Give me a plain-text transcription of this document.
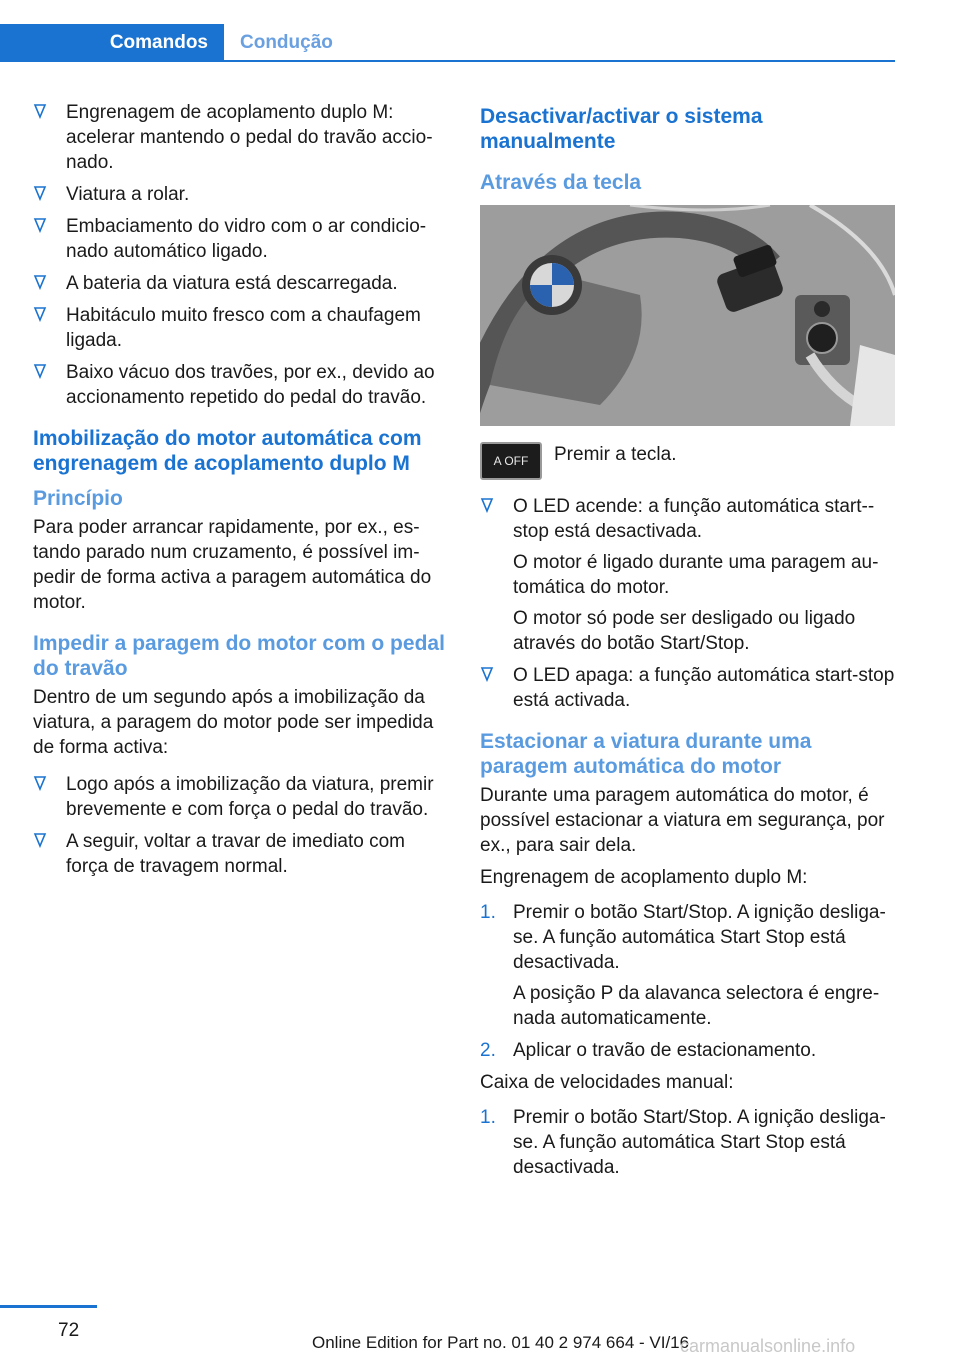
Comandos	Condução
Engrenagem de acoplamento duplo M: acelerar mantendo o pedal do travão accionado.
Viatura a rolar.
Embaciamento do vidro com o ar condicionado automático ligado.
A bateria da viatura está descarregada.
Habitáculo muito fresco com a chaufagem ligada.
Baixo vácuo dos travões, por ex., devido ao accionamento repetido do pedal do travão.
Imobilização do motor automática com engrenagem de acoplamento duplo M
Princípio

Para poder arrancar rapidamente, por ex., estando parado num cruzamento, é possível impedir de forma activa a paragem automática do motor.

Impedir a paragem do motor com o pedal do travão

Dentro de um segundo após a imobilização da viatura, a paragem do motor pode ser impedida de forma activa:

Logo após a imobilização da viatura, premir brevemente e com força o pedal do travão.
A seguir, voltar a travar de imediato com força de travagem normal.
Desactivar/activar o sistema manualmente
Através da tecla
A OFF Premir a tecla.
O LED acende: a função automática start-stop está desactivada.
O motor é ligado durante uma paragem automática do motor.
O motor só pode ser desligado ou ligado através do botão Start/Stop.
O LED apaga: a função automática start-stop está activada.
Estacionar a viatura durante uma paragem automática do motor

Durante uma paragem automática do motor, é possível estacionar a viatura em segurança, por ex., para sair dela.

Engrenagem de acoplamento duplo M:

1. Premir o botão Start/Stop. A ignição desliga-se. A função automática Start Stop está desactivada.
A posição P da alavanca selectora é engrenada automaticamente.
2. Aplicar o travão de estacionamento.

Caixa de velocidades manual:

1. Premir o botão Start/Stop. A ignição desliga-se. A função automática Start Stop está desactivada.
72
Online Edition for Part no. 01 40 2 974 664 - VI/16
carmanualsonline.info
